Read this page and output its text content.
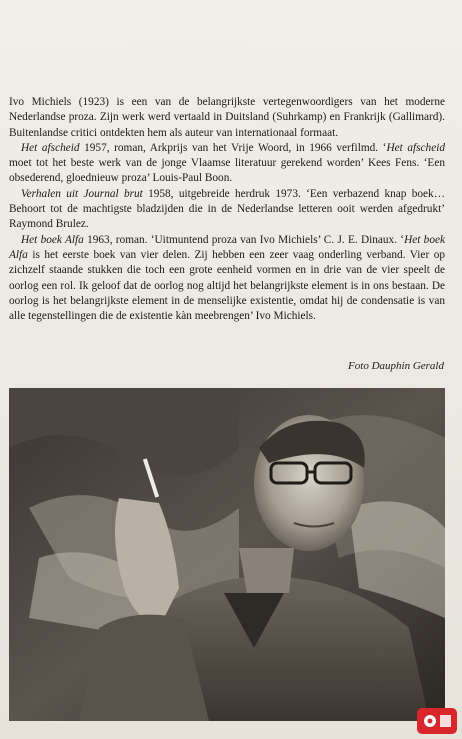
Ivo Michiels (1923) is een van de belangrijkste vertegenwoordigers van het moderne Nederlandse proza. Zijn werk werd vertaald in Duitsland (Suhrkamp) en Frankrijk (Gallimard). Buitenlandse critici ontdekten hem als auteur van internationaal formaat.

Het afscheid 1957, roman, Arkprijs van het Vrije Woord, in 1966 verfilmd. ‘Het afscheid moet tot het beste werk van de jonge Vlaamse literatuur gerekend worden’ Kees Fens. ‘Een obsederend, gloednieuw proza’ Louis-Paul Boon.

Verhalen uit Journal brut 1958, uitgebreide herdruk 1973. ‘Een verbazend knap boek… Behoort tot de machtigste bladzijden die in de Nederlandse letteren ooit werden afgedrukt’ Raymond Brulez.

Het boek Alfa 1963, roman. ‘Uitmuntend proza van Ivo Michiels’ C. J. E. Dinaux. ‘Het boek Alfa is het eerste boek van vier delen. Zij hebben een zeer vaag onderling verband. Vier op zichzelf staande stukken die toch een grote eenheid vormen en in drie van de vier speelt de oorlog een rol. Ik geloof dat de oorlog nog altijd het belangrijkste element is in ons bestaan. De oorlog is het belangrijkste element in de menselijke existentie, omdat hij de condensatie is van alle tegenstellingen die de existentie kàn meebrengen’ Ivo Michiels.

Foto Dauphin Gerald
